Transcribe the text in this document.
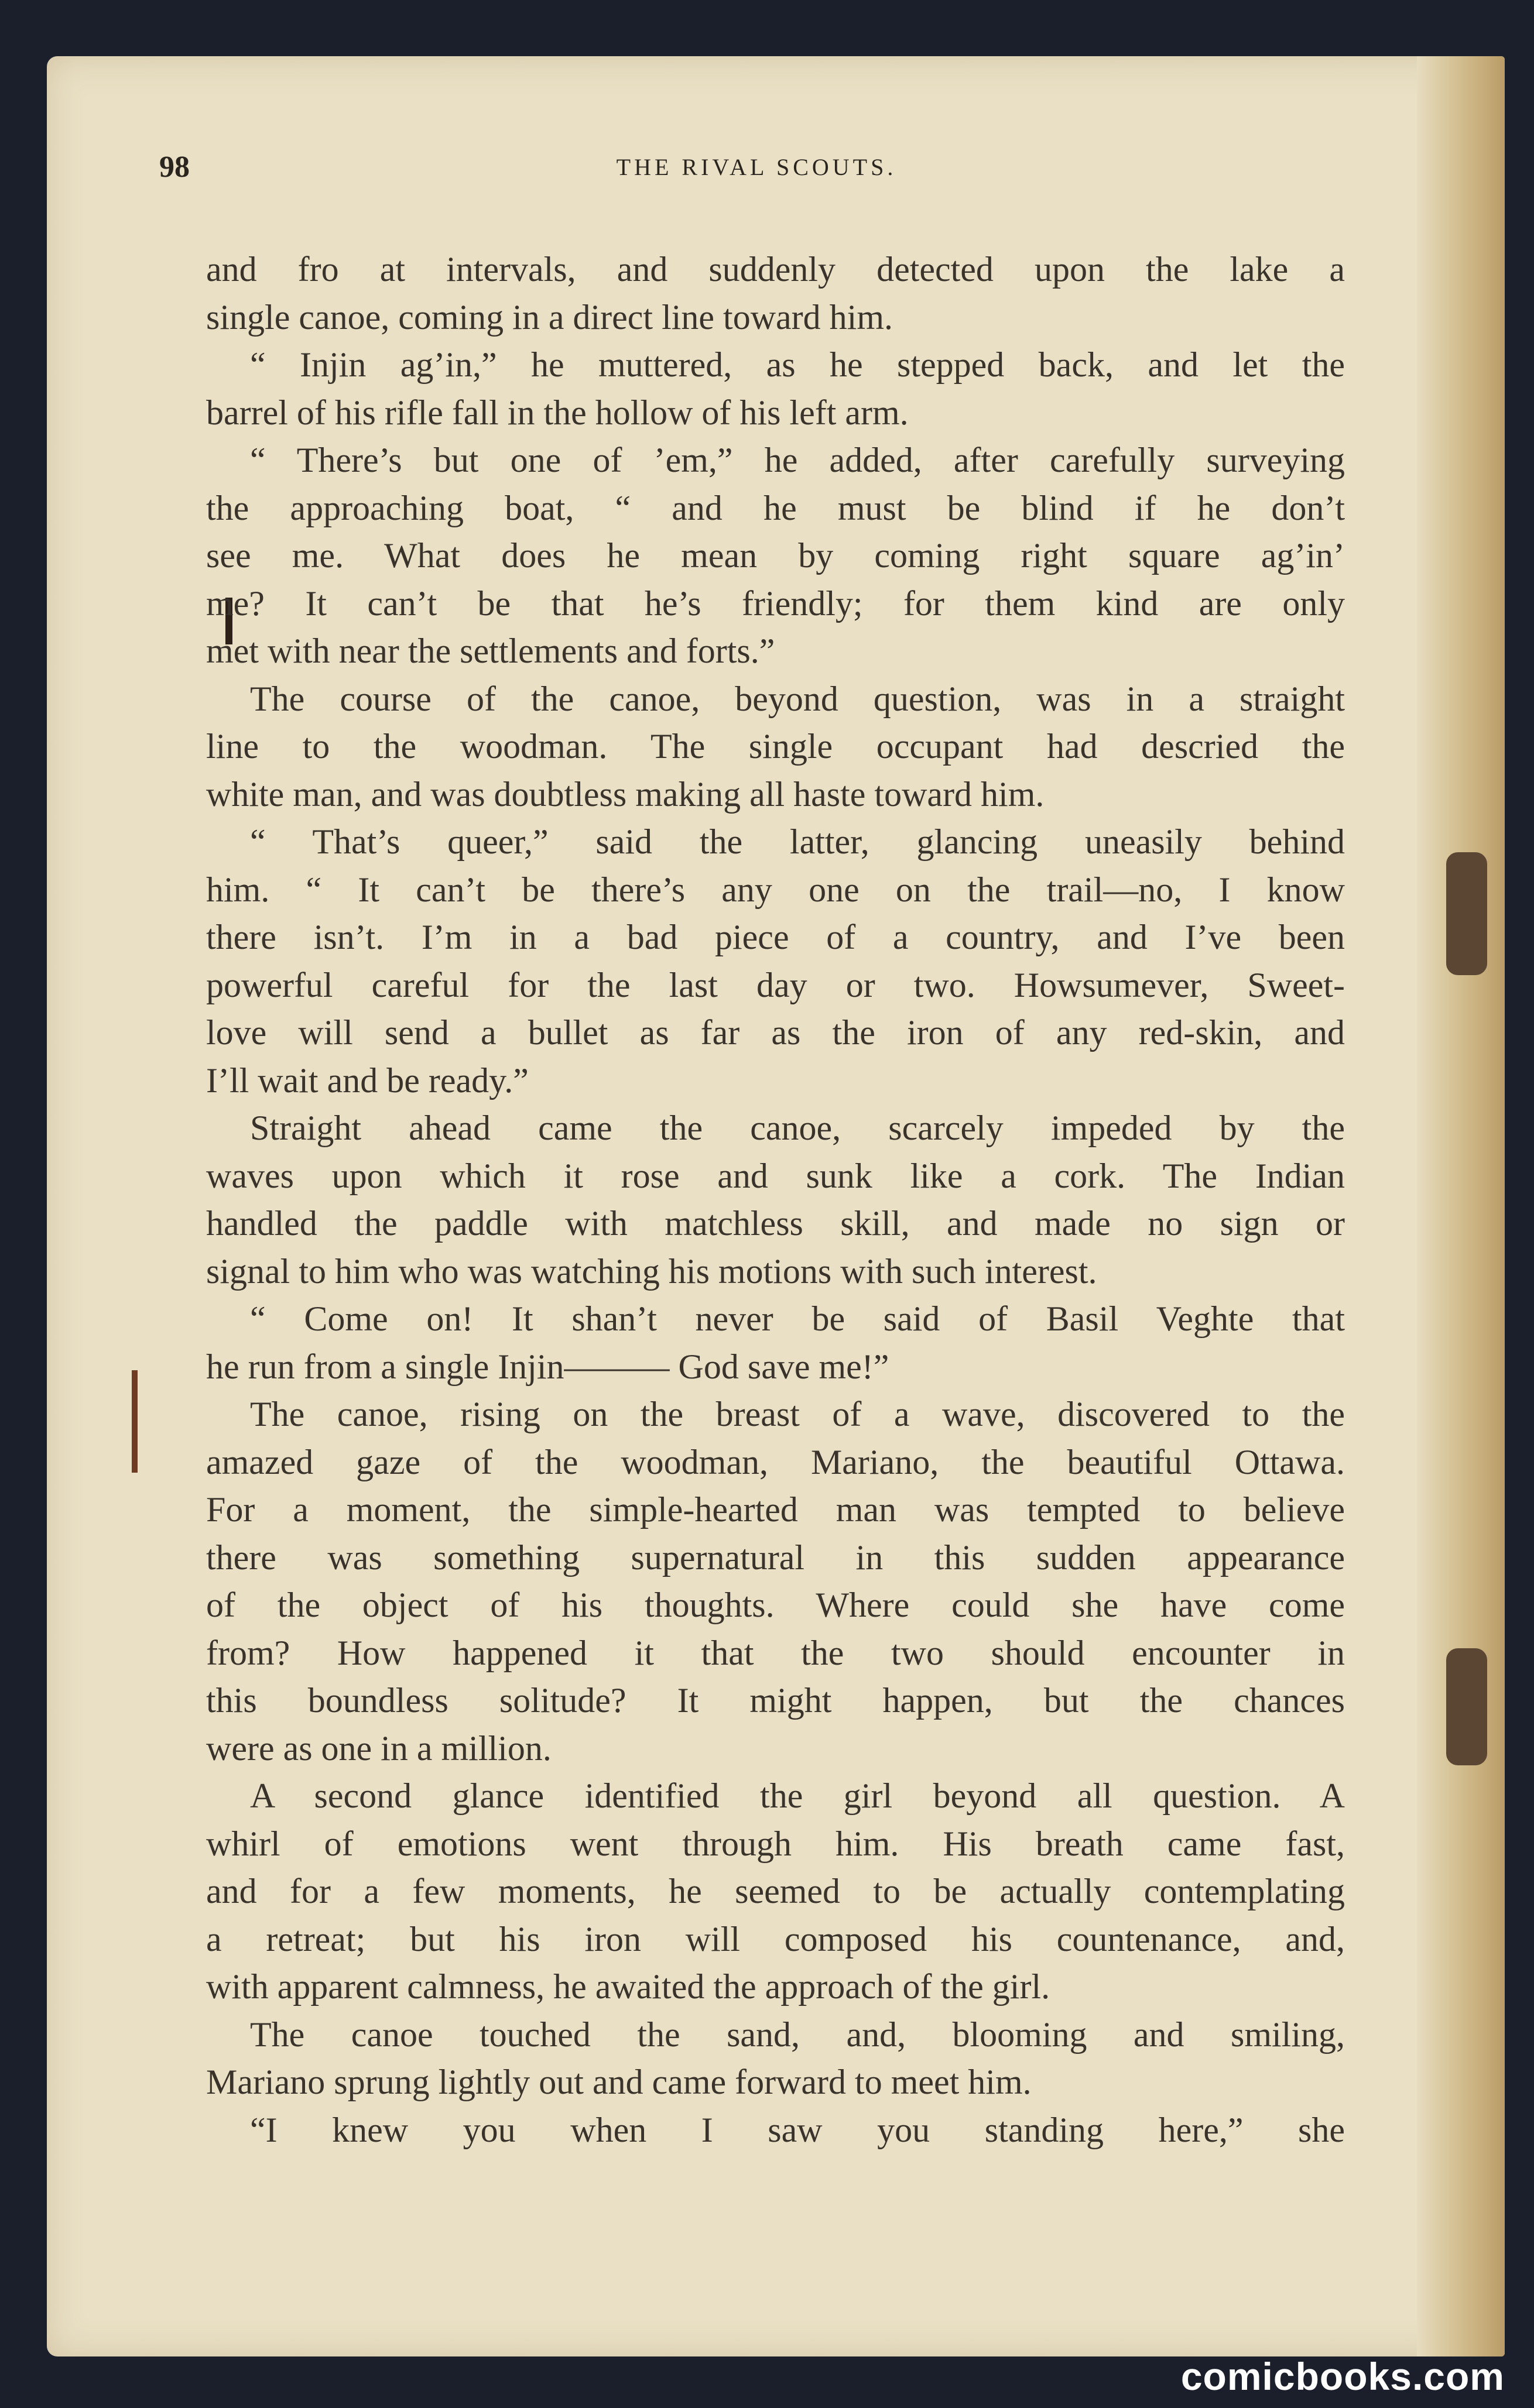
98	THE RIVAL SCOUTS.
and fro at intervals, and suddenly detected upon the lake a
single canoe, coming in a direct line toward him.
“ Injin ag’in,” he muttered, as he stepped back, and let the
barrel of his rifle fall in the hollow of his left arm.
“ There’s but one of ’em,” he added, after carefully surveying
the approaching boat, “ and he must be blind if he don’t
see me. What does he mean by coming right square ag’in’
me? It can’t be that he’s friendly; for them kind are only
met with near the settlements and forts.”
The course of the canoe, beyond question, was in a straight
line to the woodman. The single occupant had descried the
white man, and was doubtless making all haste toward him.
“ That’s queer,” said the latter, glancing uneasily behind
him. “ It can’t be there’s any one on the trail—no, I know
there isn’t. I’m in a bad piece of a country, and I’ve been
powerful careful for the last day or two. Howsumever, Sweet-
love will send a bullet as far as the iron of any red-skin, and
I’ll wait and be ready.”
Straight ahead came the canoe, scarcely impeded by the
waves upon which it rose and sunk like a cork. The Indian
handled the paddle with matchless skill, and made no sign or
signal to him who was watching his motions with such interest.
“ Come on! It shan’t never be said of Basil Veghte that
he run from a single Injin——— God save me!”
The canoe, rising on the breast of a wave, discovered to the
amazed gaze of the woodman, Mariano, the beautiful Ottawa.
For a moment, the simple-hearted man was tempted to believe
there was something supernatural in this sudden appearance
of the object of his thoughts. Where could she have come
from? How happened it that the two should encounter in
this boundless solitude? It might happen, but the chances
were as one in a million.
A second glance identified the girl beyond all question. A
whirl of emotions went through him. His breath came fast,
and for a few moments, he seemed to be actually contemplating
a retreat; but his iron will composed his countenance, and,
with apparent calmness, he awaited the approach of the girl.
The canoe touched the sand, and, blooming and smiling,
Mariano sprung lightly out and came forward to meet him.
“I knew you when I saw you standing here,” she
comicbooks.com
